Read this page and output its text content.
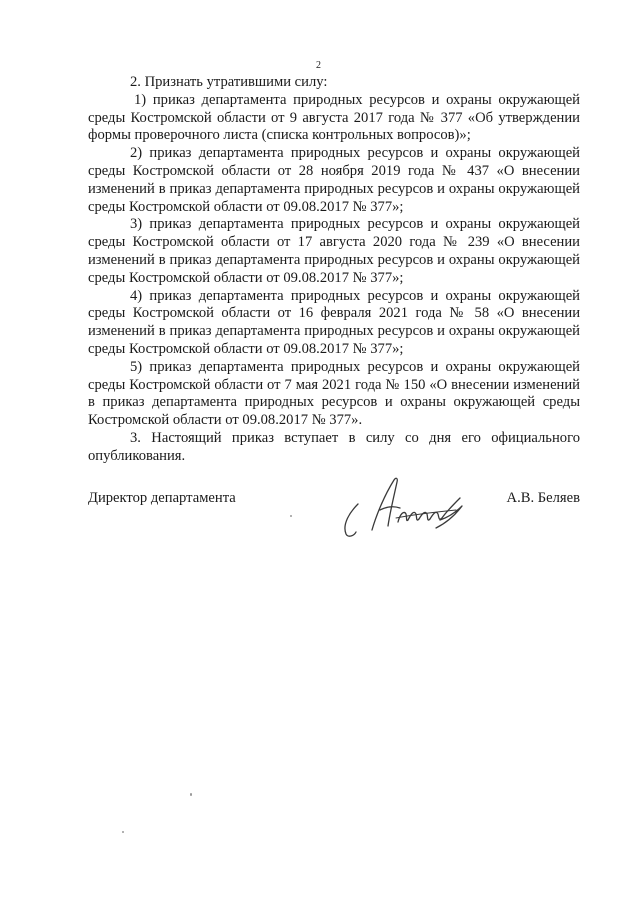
2

2. Признать утратившими силу:

1) приказ департамента природных ресурсов и охраны окружающей среды Костромской области от 9 августа 2017 года № 377 «Об утверждении формы проверочного листа (списка контрольных вопросов)»;

2) приказ департамента природных ресурсов и охраны окружающей среды Костромской области от 28 ноября 2019 года № 437 «О внесении изменений в приказ департамента природных ресурсов и охраны окружающей среды Костромской области от 09.08.2017 № 377»;

3) приказ департамента природных ресурсов и охраны окружающей среды Костромской области от 17 августа 2020 года № 239 «О внесении изменений в приказ департамента природных ресурсов и охраны окружающей среды Костромской области от 09.08.2017 № 377»;

4) приказ департамента природных ресурсов и охраны окружающей среды Костромской области от 16 февраля 2021 года № 58 «О внесении изменений в приказ департамента природных ресурсов и охраны окружающей среды Костромской области от 09.08.2017 № 377»;

5) приказ департамента природных ресурсов и охраны окружающей среды Костромской области от 7 мая 2021 года № 150 «О внесении изменений в приказ департамента природных ресурсов и охраны окружающей среды Костромской области от 09.08.2017 № 377».

3. Настоящий приказ вступает в силу со дня его официального опубликования.

Директор департамента	А.В. Беляев
